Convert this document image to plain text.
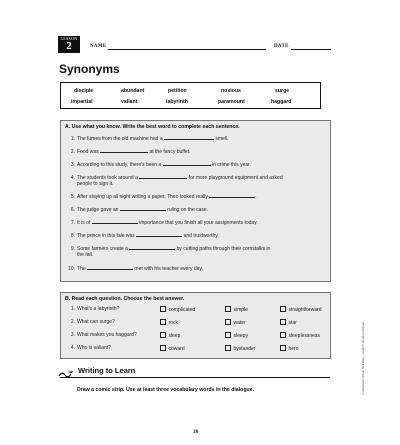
LESSON
2	NAME	DATE
Synonyms
disciple	abundant	petition	noxious	surge
impartial	valiant	labyrinth	paramount	haggard
A. Use what you know. Write the best word to complete each sentence.
1. The fumes from the old machine had a	smell.
2. Food was	at the fancy buffet.
3. According to this study, there's been a	in crime this year.
4. The students took around a	for more playground equipment and asked
people to sign it.
5. After staying up all night writing a paper, Theo looked really	.
6. The judge gave an	ruling on the case.
7. It is of	importance that you finish all your assignments today.
8. The prince in this tale was	and trustworthy.
9. Some farmers create a	by cutting paths through their cornstalks in
the fall.
10. The	met with his teacher every day.
B. Read each question. Choose the best answer.
1. What's a labyrinth?	complicated	simple	straightforward
2. What can surge?	rock	water	star
3. What makes you haggard?	sleep	sleepy	sleeplessness
4. Who is valiant?	coward	bystander	hero
Writing to Learn
Draw a comic strip. Use at least three vocabulary words in the dialogue.
38
© Heinemann. Words Their Way — Grade 6. All rights reserved.
